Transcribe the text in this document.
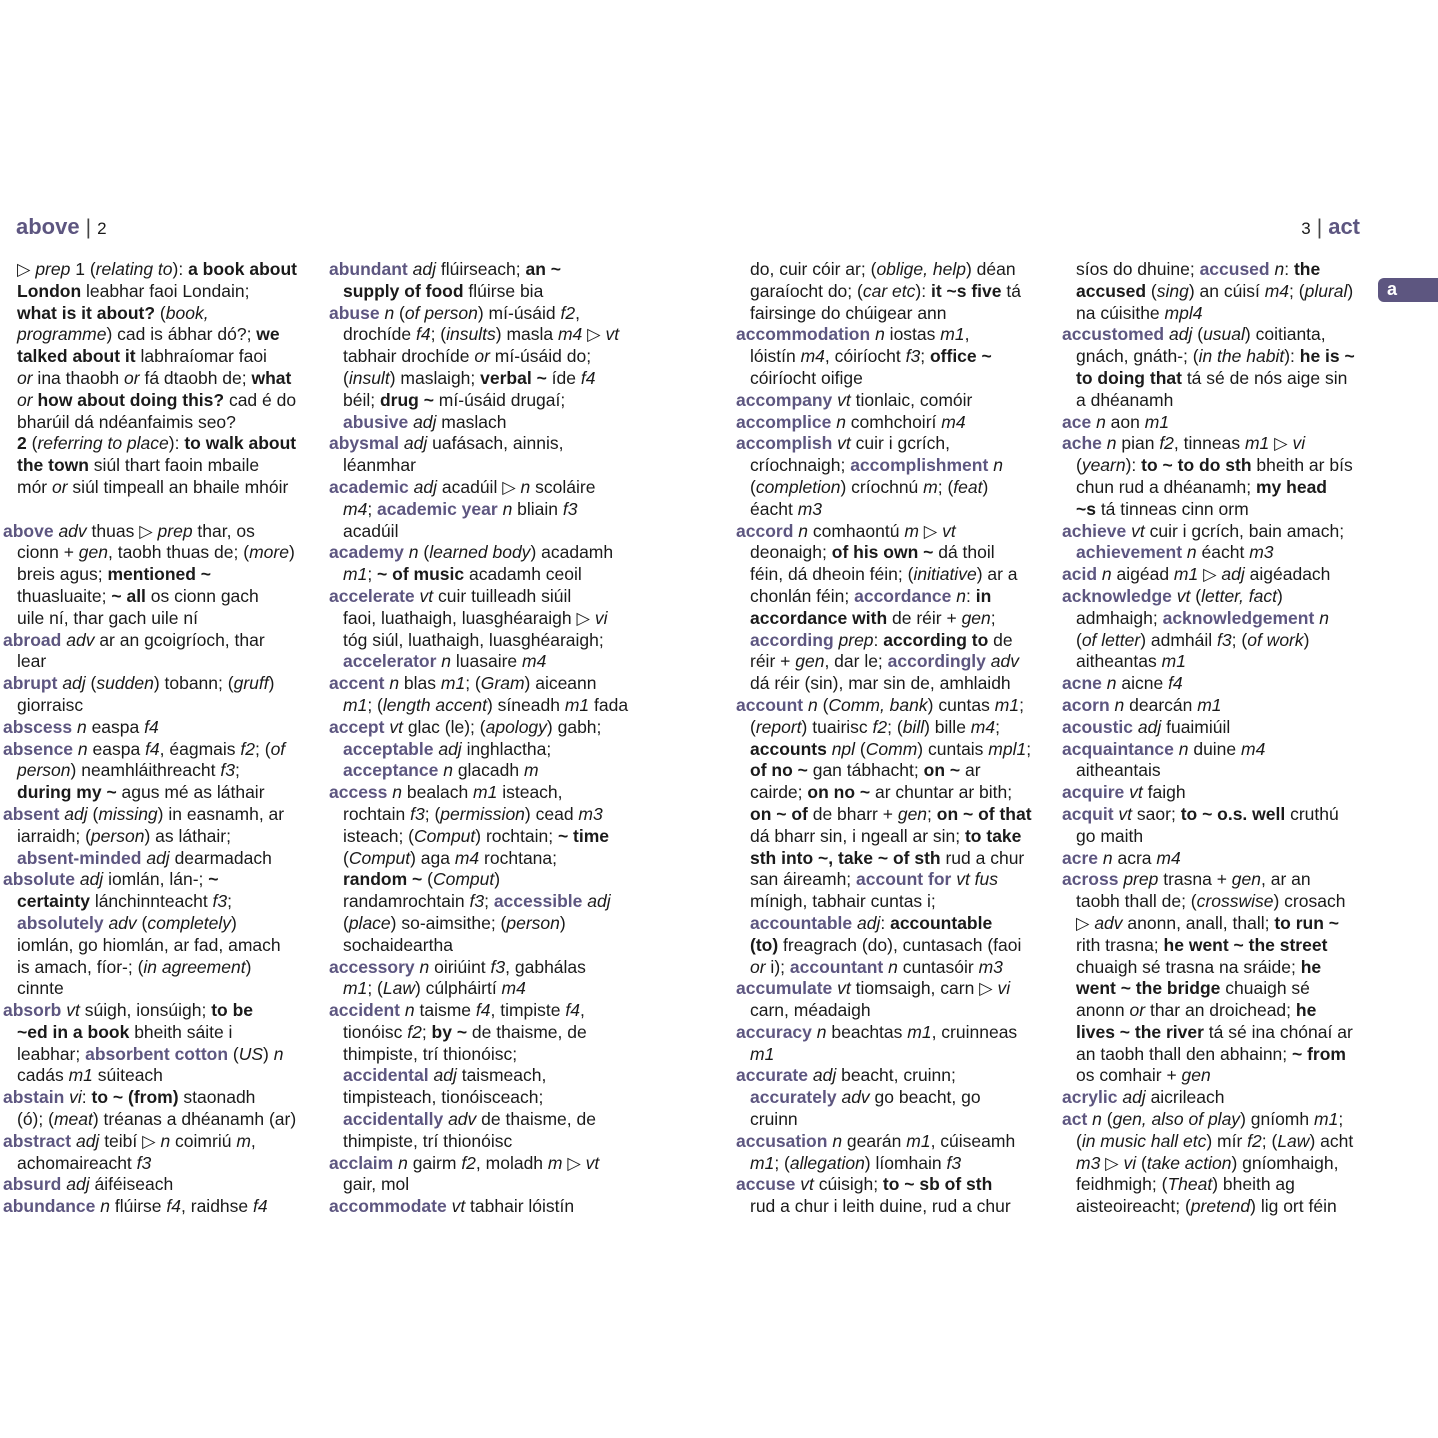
above | 2	3 | act
a
▷ prep 1 (relating to): a book about
London leabhar faoi Londain;
what is it about? (book,
programme) cad is ábhar dó?; we
talked about it labhraíomar faoi
or ina thaobh or fá dtaobh de; what
or how about doing this? cad é do
bharúil dá ndéanfaimis seo?
2 (referring to place): to walk about
the town siúl thart faoin mbaile
mór or siúl timpeall an bhaile mhóir
above adv thuas ▷ prep thar, os
cionn + gen, taobh thuas de; (more)
breis agus; mentioned ~
thuasluaite; ~ all os cionn gach
uile ní, thar gach uile ní
abroad adv ar an gcoigríoch, thar
lear
abrupt adj (sudden) tobann; (gruff)
giorraisc
abscess n easpa f4
absence n easpa f4, éagmais f2; (of
person) neamhláithreacht f3;
during my ~ agus mé as láthair
absent adj (missing) in easnamh, ar
iarraidh; (person) as láthair;
absent-minded adj dearmadach
absolute adj iomlán, lán-; ~
certainty lánchinnteacht f3;
absolutely adv (completely)
iomlán, go hiomlán, ar fad, amach
is amach, fíor-; (in agreement)
cinnte
absorb vt súigh, ionsúigh; to be
~ed in a book bheith sáite i
leabhar; absorbent cotton (US) n
cadás m1 súiteach
abstain vi: to ~ (from) staonadh
(ó); (meat) tréanas a dhéanamh (ar)
abstract adj teibí ▷ n coimriú m,
achomaireacht f3
absurd adj áiféiseach
abundance n flúirse f4, raidhse f4
abundant adj flúirseach; an ~
supply of food flúirse bia
abuse n (of person) mí-úsáid f2,
drochíde f4; (insults) masla m4 ▷ vt
tabhair drochíde or mí-úsáid do;
(insult) maslaigh; verbal ~ íde f4
béil; drug ~ mí-úsáid drugaí;
abusive adj maslach
abysmal adj uafásach, ainnis,
léanmhar
academic adj acadúil ▷ n scoláire
m4; academic year n bliain f3
acadúil
academy n (learned body) acadamh
m1; ~ of music acadamh ceoil
accelerate vt cuir tuilleadh siúil
faoi, luathaigh, luasghéaraigh ▷ vi
tóg siúl, luathaigh, luasghéaraigh;
accelerator n luasaire m4
accent n blas m1; (Gram) aiceann
m1; (length accent) síneadh m1 fada
accept vt glac (le); (apology) gabh;
acceptable adj inghlactha;
acceptance n glacadh m
access n bealach m1 isteach,
rochtain f3; (permission) cead m3
isteach; (Comput) rochtain; ~ time
(Comput) aga m4 rochtana;
random ~ (Comput)
randamrochtain f3; accessible adj
(place) so-aimsithe; (person)
sochaideartha
accessory n oiriúint f3, gabhálas
m1; (Law) cúlpháirtí m4
accident n taisme f4, timpiste f4,
tionóisc f2; by ~ de thaisme, de
thimpiste, trí thionóisc;
accidental adj taismeach,
timpisteach, tionóisceach;
accidentally adv de thaisme, de
thimpiste, trí thionóisc
acclaim n gairm f2, moladh m ▷ vt
gair, mol
accommodate vt tabhair lóistín
do, cuir cóir ar; (oblige, help) déan
garaíocht do; (car etc): it ~s five tá
fairsinge do chúigear ann
accommodation n iostas m1,
lóistín m4, cóiríocht f3; office ~
cóiríocht oifige
accompany vt tionlaic, comóir
accomplice n comhchoirí m4
accomplish vt cuir i gcrích,
críochnaigh; accomplishment n
(completion) críochnú m; (feat)
éacht m3
accord n comhaontú m ▷ vt
deonaigh; of his own ~ dá thoil
féin, dá dheoin féin; (initiative) ar a
chonlán féin; accordance n: in
accordance with de réir + gen;
according prep: according to de
réir + gen, dar le; accordingly adv
dá réir (sin), mar sin de, amhlaidh
account n (Comm, bank) cuntas m1;
(report) tuairisc f2; (bill) bille m4;
accounts npl (Comm) cuntais mpl1;
of no ~ gan tábhacht; on ~ ar
cairde; on no ~ ar chuntar ar bith;
on ~ of de bharr + gen; on ~ of that
dá bharr sin, i ngeall ar sin; to take
sth into ~, take ~ of sth rud a chur
san áireamh; account for vt fus
mínigh, tabhair cuntas i;
accountable adj: accountable
(to) freagrach (do), cuntasach (faoi
or i); accountant n cuntasóir m3
accumulate vt tiomsaigh, carn ▷ vi
carn, méadaigh
accuracy n beachtas m1, cruinneas
m1
accurate adj beacht, cruinn;
accurately adv go beacht, go
cruinn
accusation n gearán m1, cúiseamh
m1; (allegation) líomhain f3
accuse vt cúisigh; to ~ sb of sth
rud a chur i leith duine, rud a chur
síos do dhuine; accused n: the
accused (sing) an cúisí m4; (plural)
na cúisithe mpl4
accustomed adj (usual) coitianta,
gnách, gnáth-; (in the habit): he is ~
to doing that tá sé de nós aige sin
a dhéanamh
ace n aon m1
ache n pian f2, tinneas m1 ▷ vi
(yearn): to ~ to do sth bheith ar bís
chun rud a dhéanamh; my head
~s tá tinneas cinn orm
achieve vt cuir i gcrích, bain amach;
achievement n éacht m3
acid n aigéad m1 ▷ adj aigéadach
acknowledge vt (letter, fact)
admhaigh; acknowledgement n
(of letter) admháil f3; (of work)
aitheantas m1
acne n aicne f4
acorn n dearcán m1
acoustic adj fuaimiúil
acquaintance n duine m4
aitheantais
acquire vt faigh
acquit vt saor; to ~ o.s. well cruthú
go maith
acre n acra m4
across prep trasna + gen, ar an
taobh thall de; (crosswise) crosach
▷ adv anonn, anall, thall; to run ~
rith trasna; he went ~ the street
chuaigh sé trasna na sráide; he
went ~ the bridge chuaigh sé
anonn or thar an droichead; he
lives ~ the river tá sé ina chónaí ar
an taobh thall den abhainn; ~ from
os comhair + gen
acrylic adj aicrileach
act n (gen, also of play) gníomh m1;
(in music hall etc) mír f2; (Law) acht
m3 ▷ vi (take action) gníomhaigh,
feidhmigh; (Theat) bheith ag
aisteoireacht; (pretend) lig ort féin
